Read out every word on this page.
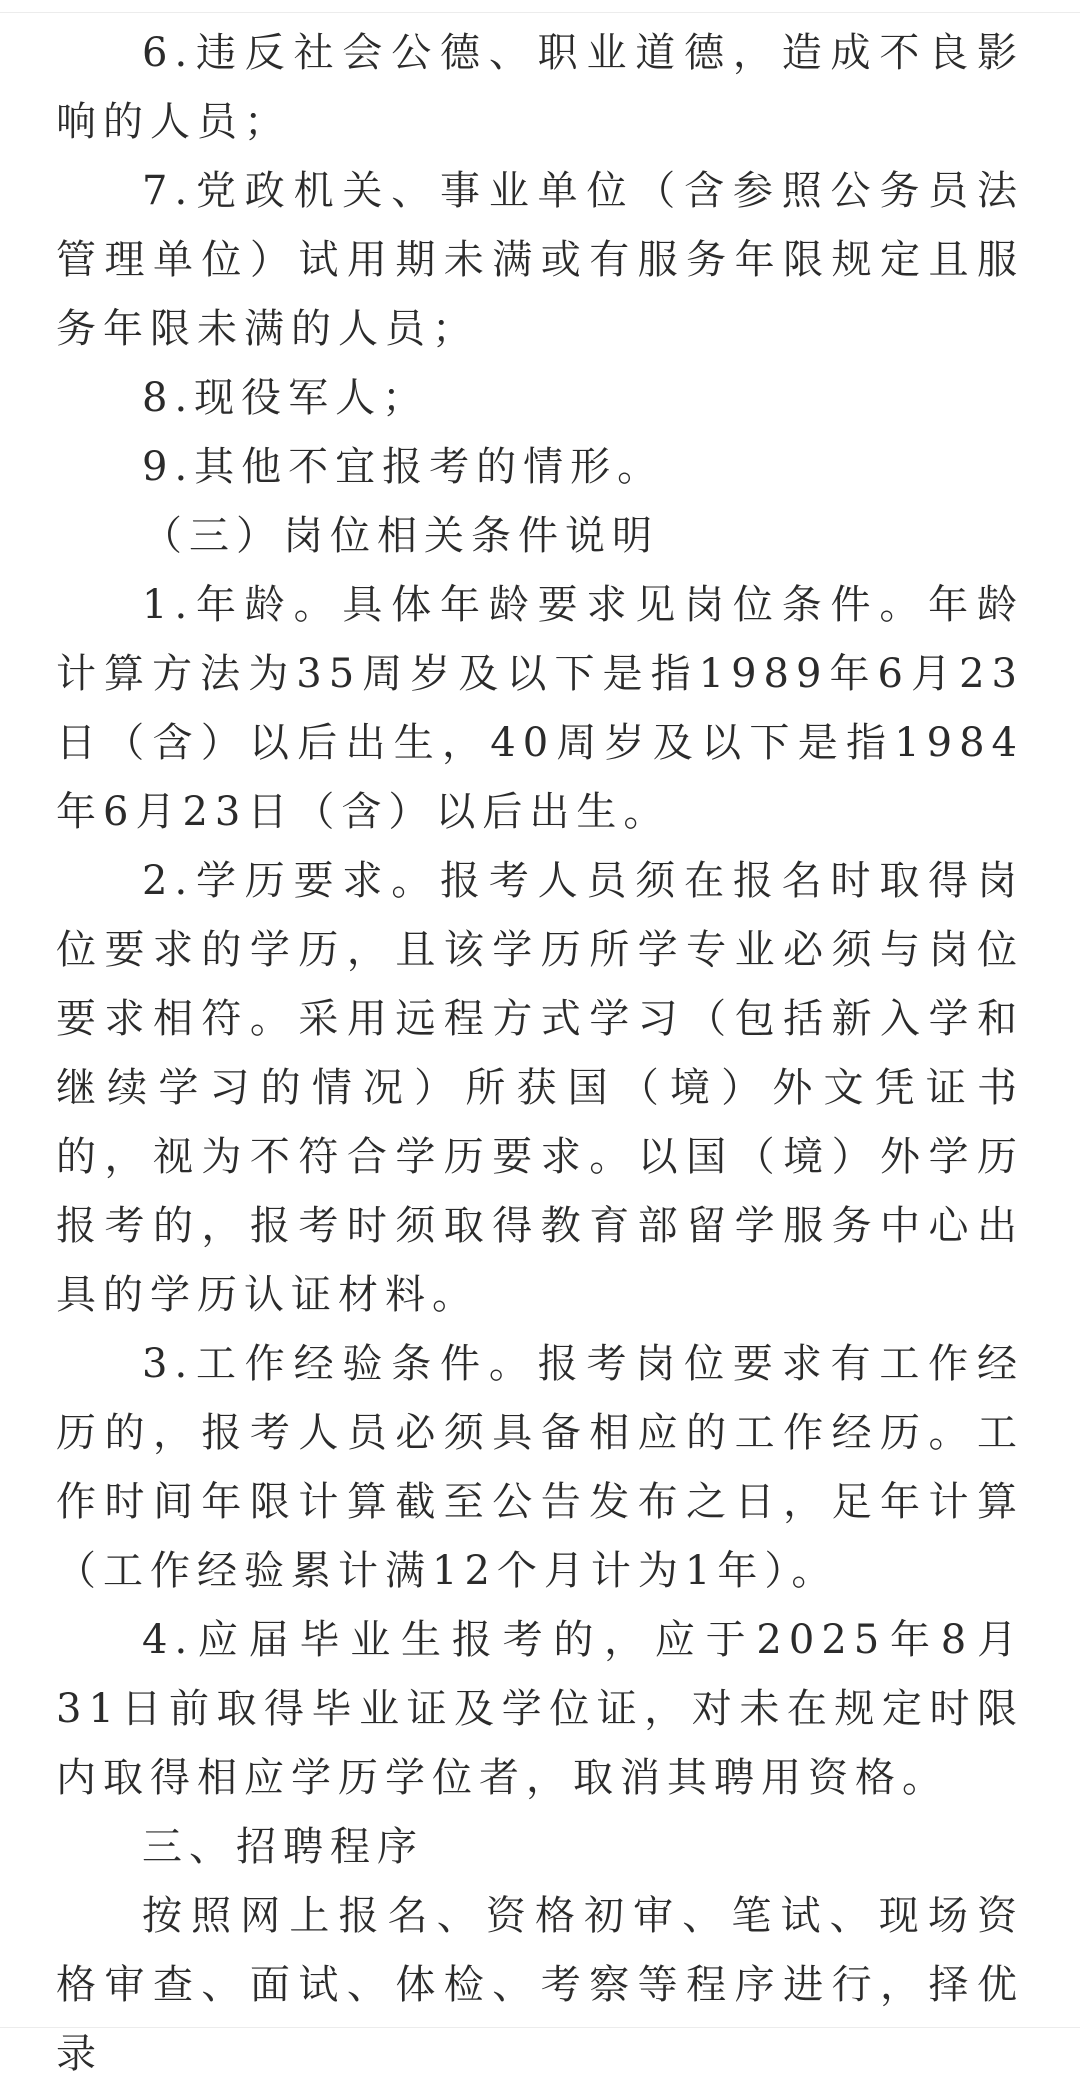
6.违反社会公德、职业道德，造成不良影响的人员；

7.党政机关、事业单位（含参照公务员法管理单位）试用期未满或有服务年限规定且服务年限未满的人员；

8.现役军人；

9.其他不宜报考的情形。

（三）岗位相关条件说明

1.年龄。具体年龄要求见岗位条件。年龄计算方法为35周岁及以下是指1989年6月23日（含）以后出生，40周岁及以下是指1984年6月23日（含）以后出生。

2.学历要求。报考人员须在报名时取得岗位要求的学历，且该学历所学专业必须与岗位要求相符。采用远程方式学习（包括新入学和继续学习的情况）所获国（境）外文凭证书的，视为不符合学历要求。以国（境）外学历报考的，报考时须取得教育部留学服务中心出具的学历认证材料。

3.工作经验条件。报考岗位要求有工作经历的，报考人员必须具备相应的工作经历。工作时间年限计算截至公告发布之日，足年计算（工作经验累计满12个月计为1年）。

4.应届毕业生报考的，应于2025年8月31日前取得毕业证及学位证，对未在规定时限内取得相应学历学位者，取消其聘用资格。

三、招聘程序

按照网上报名、资格初审、笔试、现场资格审查、面试、体检、考察等程序进行，择优录
